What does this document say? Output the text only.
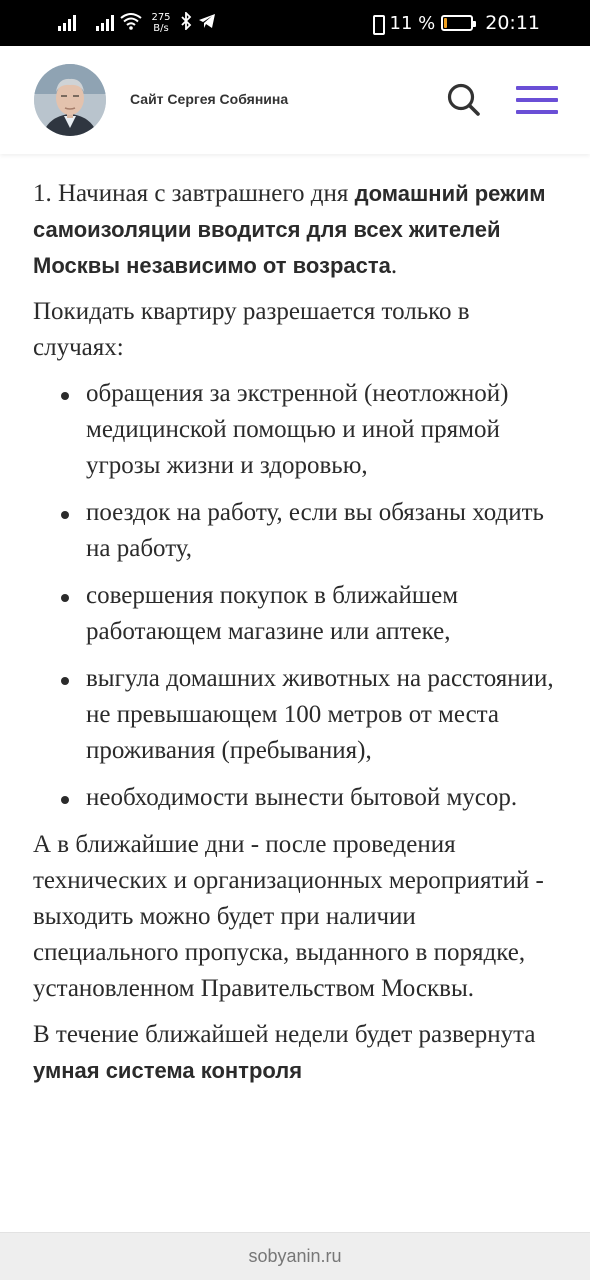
275
B/s	11 %	20:11
Сайт Сергея Собянина

1. Начиная с завтрашнего дня домашний режим самоизоляции вводится для всех жителей Москвы независимо от возраста.

Покидать квартиру разрешается только в случаях:

обращения за экстренной (неотложной) медицинской помощью и иной прямой угрозы жизни и здоровью,
поездок на работу, если вы обязаны ходить на работу,
совершения покупок в ближайшем работающем магазине или аптеке,
выгула домашних животных на расстоянии, не превышающем 100 метров от места проживания (пребывания),
необходимости вынести бытовой мусор.

А в ближайшие дни - после проведения технических и организационных мероприятий - выходить можно будет при наличии специального пропуска, выданного в порядке, установленном Правительством Москвы.

В течение ближайшей недели будет развернута умная система контроля

sobyanin.ru
